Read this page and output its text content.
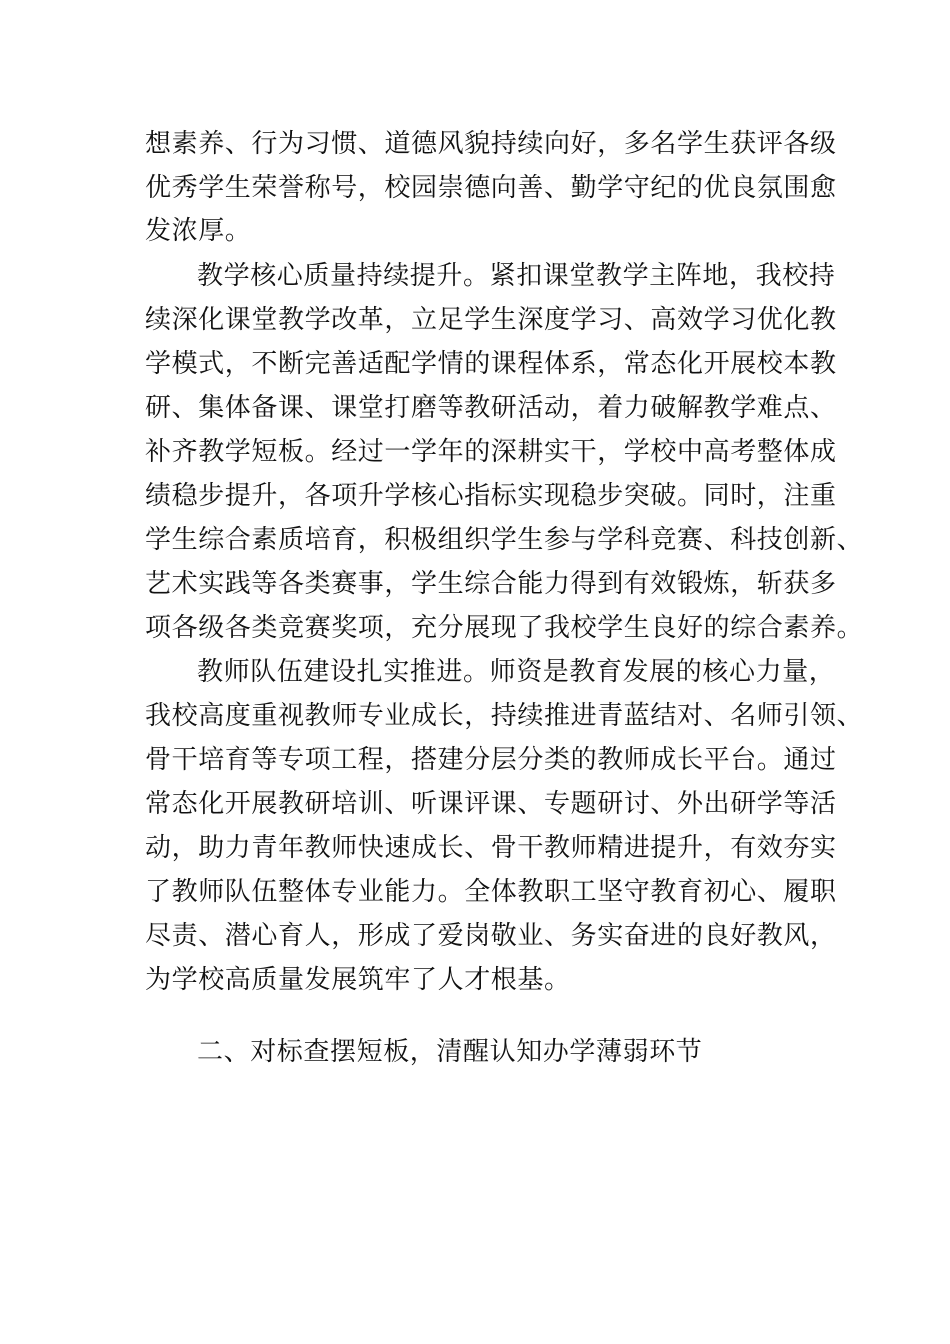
想素养、行为习惯、道德风貌持续向好，多名学生获评各级
优秀学生荣誉称号，校园崇德向善、勤学守纪的优良氛围愈
发浓厚。
教学核心质量持续提升。紧扣课堂教学主阵地，我校持
续深化课堂教学改革，立足学生深度学习、高效学习优化教
学模式，不断完善适配学情的课程体系，常态化开展校本教
研、集体备课、课堂打磨等教研活动，着力破解教学难点、
补齐教学短板。经过一学年的深耕实干，学校中高考整体成
绩稳步提升，各项升学核心指标实现稳步突破。同时，注重
学生综合素质培育，积极组织学生参与学科竞赛、科技创新、
艺术实践等各类赛事，学生综合能力得到有效锻炼，斩获多
项各级各类竞赛奖项，充分展现了我校学生良好的综合素养。
教师队伍建设扎实推进。师资是教育发展的核心力量，
我校高度重视教师专业成长，持续推进青蓝结对、名师引领、
骨干培育等专项工程，搭建分层分类的教师成长平台。通过
常态化开展教研培训、听课评课、专题研讨、外出研学等活
动，助力青年教师快速成长、骨干教师精进提升，有效夯实
了教师队伍整体专业能力。全体教职工坚守教育初心、履职
尽责、潜心育人，形成了爱岗敬业、务实奋进的良好教风，
为学校高质量发展筑牢了人才根基。
二、对标查摆短板，清醒认知办学薄弱环节
